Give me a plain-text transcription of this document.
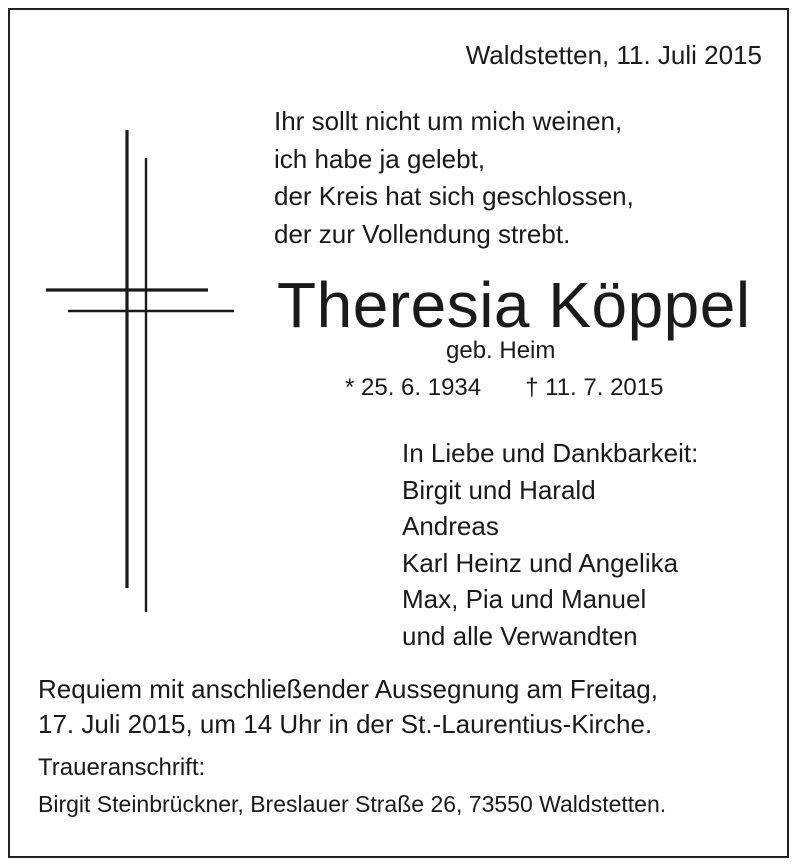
Waldstetten, 11. Juli 2015
Ihr sollt nicht um mich weinen,
ich habe ja gelebt,
der Kreis hat sich geschlossen,
der zur Vollendung strebt.
Theresia Köppel
geb. Heim
* 25. 6. 1934 † 11. 7. 2015
In Liebe und Dankbarkeit:
Birgit und Harald
Andreas
Karl Heinz und Angelika
Max, Pia und Manuel
und alle Verwandten
Requiem mit anschließender Aussegnung am Freitag,
17. Juli 2015, um 14 Uhr in der St.-Laurentius-Kirche.
Traueranschrift:
Birgit Steinbrückner, Breslauer Straße 26, 73550 Waldstetten.
